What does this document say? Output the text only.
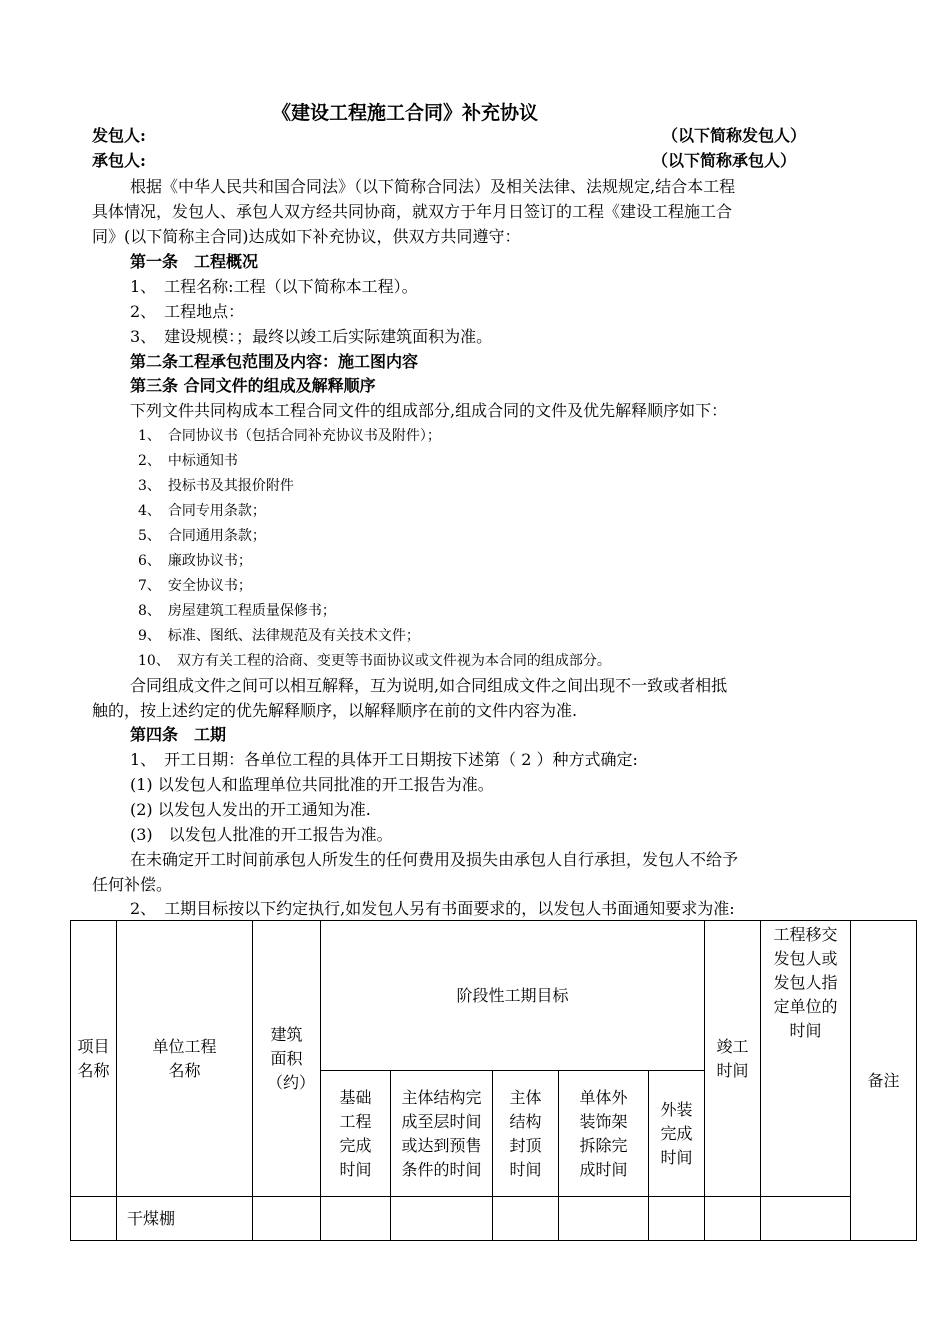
《建设工程施工合同》补充协议
发包人:	（以下简称发包人）
承包人:	（以下简称承包人）
根据《中华人民共和国合同法》（以下简称合同法）及相关法律、法规规定,结合本工程
具体情况，发包人、承包人双方经共同协商，就双方于年月日签订的工程《建设工程施工合
同》(以下简称主合同)达成如下补充协议，供双方共同遵守：
第一条　工程概况
1、　工程名称:工程（以下简称本工程）。
2、　工程地点：
3、　建设规模：；最终以竣工后实际建筑面积为准。
第二条工程承包范围及内容：施工图内容
第三条 合同文件的组成及解释顺序
下列文件共同构成本工程合同文件的组成部分,组成合同的文件及优先解释顺序如下：
1、　合同协议书（包括合同补充协议书及附件）；
2、　中标通知书
3、　投标书及其报价附件
4、　合同专用条款；
5、　合同通用条款；
6、　廉政协议书；
7、　安全协议书；
8、　房屋建筑工程质量保修书；
9、　标准、图纸、法律规范及有关技术文件；
10、　双方有关工程的洽商、变更等书面协议或文件视为本合同的组成部分。
合同组成文件之间可以相互解释，互为说明,如合同组成文件之间出现不一致或者相抵
触的，按上述约定的优先解释顺序，以解释顺序在前的文件内容为准.
第四条　工期
1、　开工日期：各单位工程的具体开工日期按下述第（ 2 ）种方式确定:
(1) 以发包人和监理单位共同批准的开工报告为准。
(2) 以发包人发出的开工通知为准.
(3)　以发包人批准的开工报告为准。
在未确定开工时间前承包人所发生的任何费用及损失由承包人自行承担，发包人不给予
任何补偿。
2、　工期目标按以下约定执行,如发包人另有书面要求的，以发包人书面通知要求为准:
项目名称	单位工程名称	建筑面积（约）	阶段性工期目标					竣工时间	工程移交发包人或发包人指定单位的时间	备注
			基础工程完成时间	主体结构完成至层时间或达到预售条件的时间	主体结构封顶时间	单体外装饰架拆除完成时间	外装完成时间			
	干煤棚									
